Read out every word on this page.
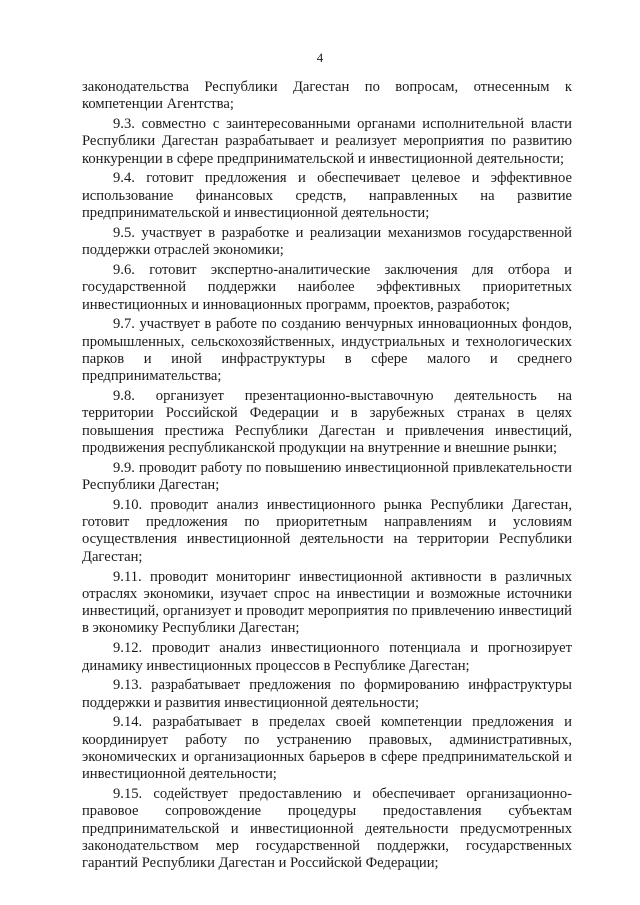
4

законодательства Республики Дагестан по вопросам, отнесенным к компетенции Агентства;

9.3. совместно с заинтересованными органами исполнительной власти Республики Дагестан разрабатывает и реализует мероприятия по развитию конкуренции в сфере предпринимательской и инвестиционной деятельности;

9.4. готовит предложения и обеспечивает целевое и эффективное использование финансовых средств, направленных на развитие предпринимательской и инвестиционной деятельности;

9.5. участвует в разработке и реализации механизмов государственной поддержки отраслей экономики;

9.6. готовит экспертно-аналитические заключения для отбора и государственной поддержки наиболее эффективных приоритетных инвестиционных и инновационных программ, проектов, разработок;

9.7. участвует в работе по созданию венчурных инновационных фондов, промышленных, сельскохозяйственных, индустриальных и технологических парков и иной инфраструктуры в сфере малого и среднего предпринимательства;

9.8. организует презентационно-выставочную деятельность на территории Российской Федерации и в зарубежных странах в целях повышения престижа Республики Дагестан и привлечения инвестиций, продвижения республиканской продукции на внутренние и внешние рынки;

9.9. проводит работу по повышению инвестиционной привлекательности Республики Дагестан;

9.10. проводит анализ инвестиционного рынка Республики Дагестан, готовит предложения по приоритетным направлениям и условиям осуществления инвестиционной деятельности на территории Республики Дагестан;

9.11. проводит мониторинг инвестиционной активности в различных отраслях экономики, изучает спрос на инвестиции и возможные источники инвестиций, организует и проводит мероприятия по привлечению инвестиций в экономику Республики Дагестан;

9.12. проводит анализ инвестиционного потенциала и прогнозирует динамику инвестиционных процессов в Республике Дагестан;

9.13. разрабатывает предложения по формированию инфраструктуры поддержки и развития инвестиционной деятельности;

9.14. разрабатывает в пределах своей компетенции предложения и координирует работу по устранению правовых, административных, экономических и организационных барьеров в сфере предпринимательской и инвестиционной деятельности;

9.15. содействует предоставлению и обеспечивает организационно-правовое сопровождение процедуры предоставления субъектам предпринимательской и инвестиционной деятельности предусмотренных законодательством мер государственной поддержки, государственных гарантий Республики Дагестан и Российской Федерации;
